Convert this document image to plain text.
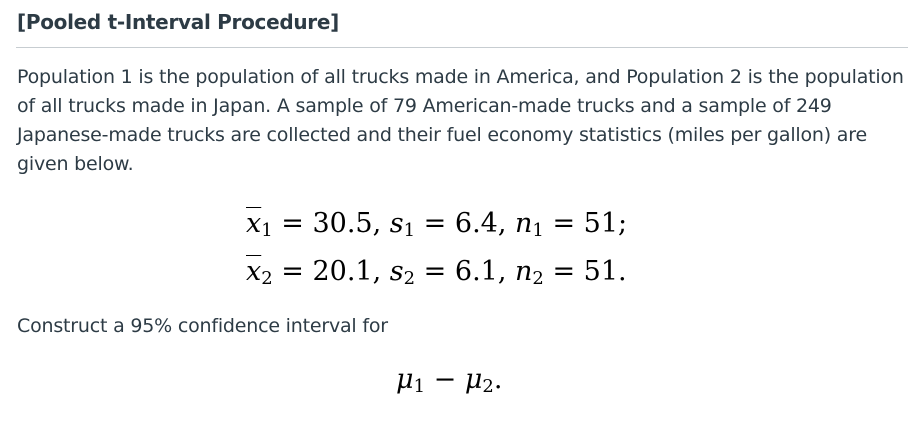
[Pooled t-Interval Procedure]

Population 1 is the population of all trucks made in America, and Population 2 is the population of all trucks made in Japan. A sample of 79 American-made trucks and a sample of 249 Japanese-made trucks are collected and their fuel economy statistics (miles per gallon) are given below.

$\overline{x}_1 = 30.5$, $s_1 = 6.4$, $n_1 = 51$;
$\overline{x}_2 = 20.1$, $s_2 = 6.1$, $n_2 = 51$.
Construct a 95% confidence interval for
$\mu_1 - \mu_2$.
